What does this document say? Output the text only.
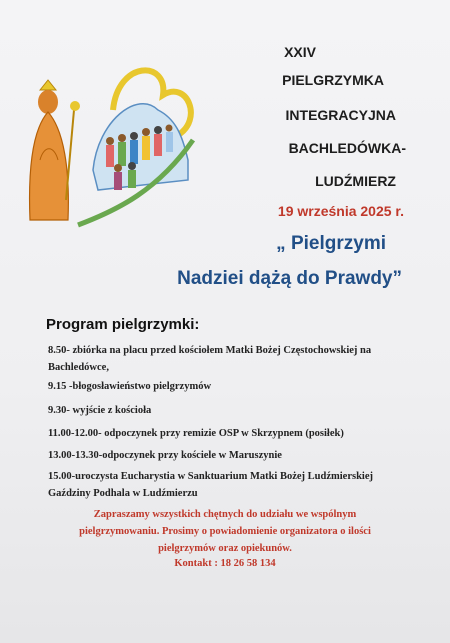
XXIV
PIELGRZYMKA
INTEGRACYJNA
BACHLEDÓWKA-
LUDŹMIERZ
19 września 2025 r.
„ Pielgrzymi
Nadziei dążą do Prawdy”
Program pielgrzymki:
8.50- zbiórka na placu przed kościołem Matki Bożej Częstochowskiej na Bachledówce,
9.15 -błogosławieństwo pielgrzymów
9.30- wyjście z kościoła
11.00-12.00- odpoczynek przy remizie OSP w Skrzypnem (posiłek)
13.00-13.30-odpoczynek przy kościele w Maruszynie
15.00-uroczysta Eucharystia w Sanktuarium Matki Bożej Ludźmierskiej Gaździny Podhala w Ludźmierzu
Zapraszamy wszystkich chętnych do udziału we wspólnym pielgrzymowaniu. Prosimy o powiadomienie organizatora o ilości pielgrzymów oraz opiekunów.
Kontakt : 18 26 58 134
